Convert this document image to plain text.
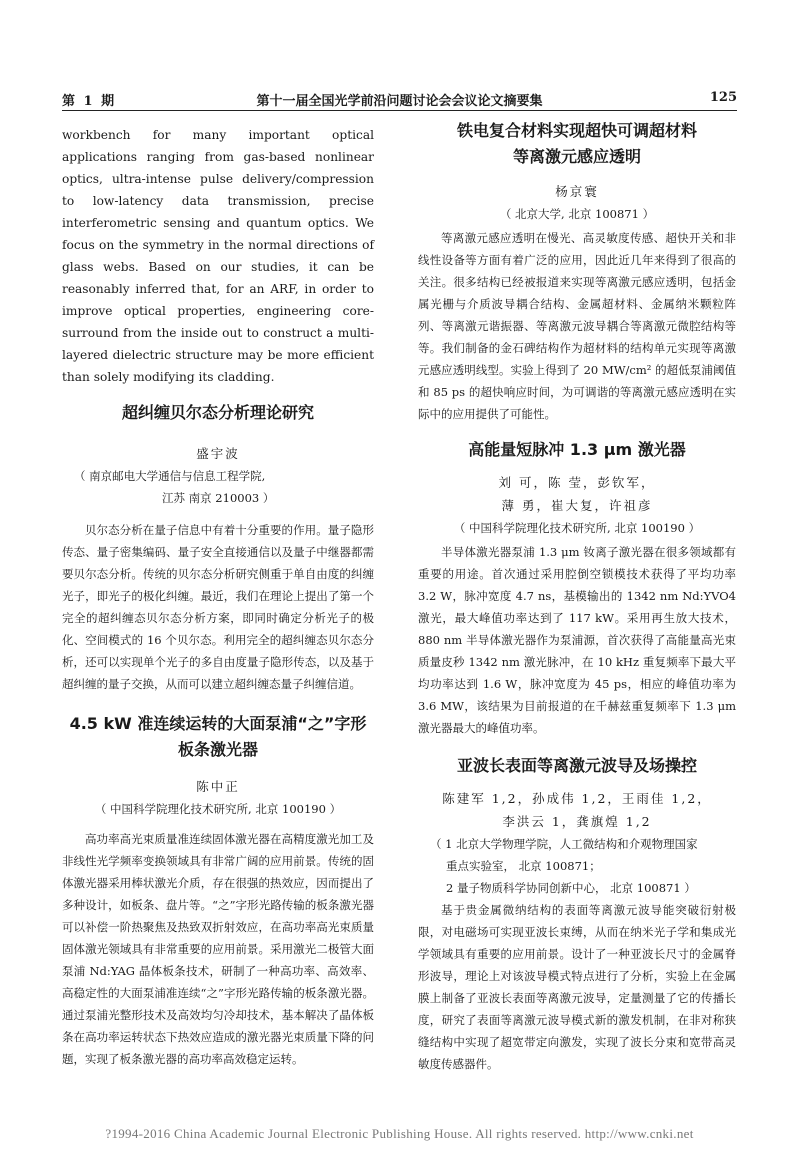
第 1 期	第十一届全国光学前沿问题讨论会会议论文摘要集	125

workbench for many important optical applications ranging from gas-based nonlinear optics, ultra-intense pulse delivery/compression to low-latency data transmission, precise interferometric sensing and quantum optics. We focus on the symmetry in the normal directions of glass webs. Based on our studies, it can be reasonably inferred that, for an ARF, in order to improve optical properties, engineering core-surround from the inside out to construct a multi-layered dielectric structure may be more efficient than solely modifying its cladding.

超纠缠贝尔态分析理论研究

盛宇波

（ 南京邮电大学通信与信息工程学院,

江苏 南京 210003 ）

贝尔态分析在量子信息中有着十分重要的作用。量子隐形传态、量子密集编码、量子安全直接通信以及量子中继器都需要贝尔态分析。传统的贝尔态分析研究侧重于单自由度的纠缠光子，即光子的极化纠缠。最近，我们在理论上提出了第一个完全的超纠缠态贝尔态分析方案，即同时确定分析光子的极化、空间模式的 16 个贝尔态。利用完全的超纠缠态贝尔态分析，还可以实现单个光子的多自由度量子隐形传态，以及基于超纠缠的量子交换，从而可以建立超纠缠态量子纠缠信道。

4.5 kW 准连续运转的大面泵浦“之”字形

板条激光器

陈中正

（ 中国科学院理化技术研究所, 北京 100190 ）

高功率高光束质量准连续固体激光器在高精度激光加工及非线性光学频率变换领域具有非常广阔的应用前景。传统的固体激光器采用棒状激光介质，存在很强的热效应，因而提出了多种设计，如板条、盘片等。“之”字形光路传输的板条激光器可以补偿一阶热聚焦及热致双折射效应，在高功率高光束质量固体激光领域具有非常重要的应用前景。采用激光二极管大面泵浦 Nd:YAG 晶体板条技术，研制了一种高功率、高效率、高稳定性的大面泵浦准连续“之”字形光路传输的板条激光器。通过泵浦光整形技术及高效均匀冷却技术，基本解决了晶体板条在高功率运转状态下热效应造成的激光器光束质量下降的问题，实现了板条激光器的高功率高效稳定运转。

铁电复合材料实现超快可调超材料

等离激元感应透明

杨京寰

（ 北京大学, 北京 100871 ）

等离激元感应透明在慢光、高灵敏度传感、超快开关和非线性设备等方面有着广泛的应用，因此近几年来得到了很高的关注。很多结构已经被报道来实现等离激元感应透明，包括金属光栅与介质波导耦合结构、金属超材料、金属纳米颗粒阵列、等离激元谐振器、等离激元波导耦合等离激元微腔结构等等。我们制备的金石碑结构作为超材料的结构单元实现等离激元感应透明线型。实验上得到了 20 MW/cm² 的超低泵浦阈值和 85 ps 的超快响应时间，为可调谐的等离激元感应透明在实际中的应用提供了可能性。

高能量短脉冲 1.3 μm 激光器

刘 可，陈 莹，彭钦军，

薄 勇，崔大复，许祖彦

（ 中国科学院理化技术研究所, 北京 100190 ）

半导体激光器泵浦 1.3 μm 钕离子激光器在很多领域都有重要的用途。首次通过采用腔倒空锁模技术获得了平均功率 3.2 W，脉冲宽度 4.7 ns，基模输出的 1342 nm Nd:YVO4 激光，最大峰值功率达到了 117 kW。采用再生放大技术，880 nm 半导体激光器作为泵浦源，首次获得了高能量高光束质量皮秒 1342 nm 激光脉冲，在 10 kHz 重复频率下最大平均功率达到 1.6 W，脉冲宽度为 45 ps，相应的峰值功率为 3.6 MW，该结果为目前报道的在千赫兹重复频率下 1.3 μm 激光器最大的峰值功率。

亚波长表面等离激元波导及场操控

陈建军 1,2，孙成伟 1,2，王雨佳 1,2，

李洪云 1，龚旗煌 1,2

（ 1 北京大学物理学院，人工微结构和介观物理国家

重点实验室， 北京 100871；

2 量子物质科学协同创新中心， 北京 100871 ）

基于贵金属微纳结构的表面等离激元波导能突破衍射极限，对电磁场可实现亚波长束缚，从而在纳米光子学和集成光学领域具有重要的应用前景。设计了一种亚波长尺寸的金属脊形波导，理论上对该波导模式特点进行了分析，实验上在金属膜上制备了亚波长表面等离激元波导，定量测量了它的传播长度，研究了表面等离激元波导模式新的激发机制，在非对称狭缝结构中实现了超宽带定向激发，实现了波长分束和宽带高灵敏度传感器件。

?1994-2016 China Academic Journal Electronic Publishing House. All rights reserved. http://www.cnki.net
